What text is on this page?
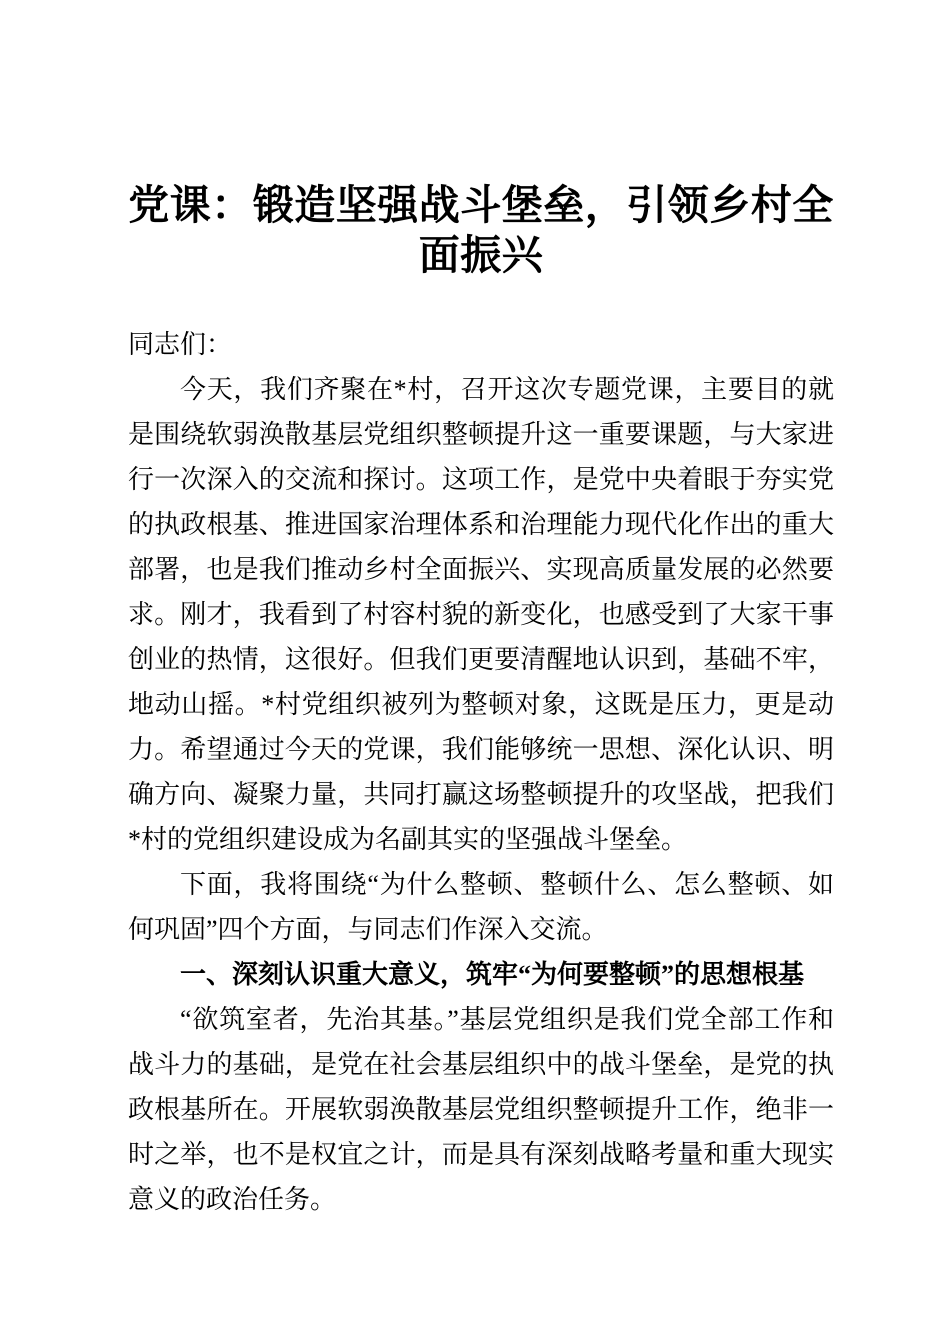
党课：锻造坚强战斗堡垒，引领乡村全面振兴

同志们：

今天，我们齐聚在*村，召开这次专题党课，主要目的就是围绕软弱涣散基层党组织整顿提升这一重要课题，与大家进行一次深入的交流和探讨。这项工作，是党中央着眼于夯实党的执政根基、推进国家治理体系和治理能力现代化作出的重大部署，也是我们推动乡村全面振兴、实现高质量发展的必然要求。刚才，我看到了村容村貌的新变化，也感受到了大家干事创业的热情，这很好。但我们更要清醒地认识到，基础不牢，地动山摇。*村党组织被列为整顿对象，这既是压力，更是动力。希望通过今天的党课，我们能够统一思想、深化认识、明确方向、凝聚力量，共同打赢这场整顿提升的攻坚战，把我们*村的党组织建设成为名副其实的坚强战斗堡垒。

下面，我将围绕“为什么整顿、整顿什么、怎么整顿、如何巩固”四个方面，与同志们作深入交流。

一、深刻认识重大意义，筑牢“为何要整顿”的思想根基

“欲筑室者，先治其基。”基层党组织是我们党全部工作和战斗力的基础，是党在社会基层组织中的战斗堡垒，是党的执政根基所在。开展软弱涣散基层党组织整顿提升工作，绝非一时之举，也不是权宜之计，而是具有深刻战略考量和重大现实意义的政治任务。
